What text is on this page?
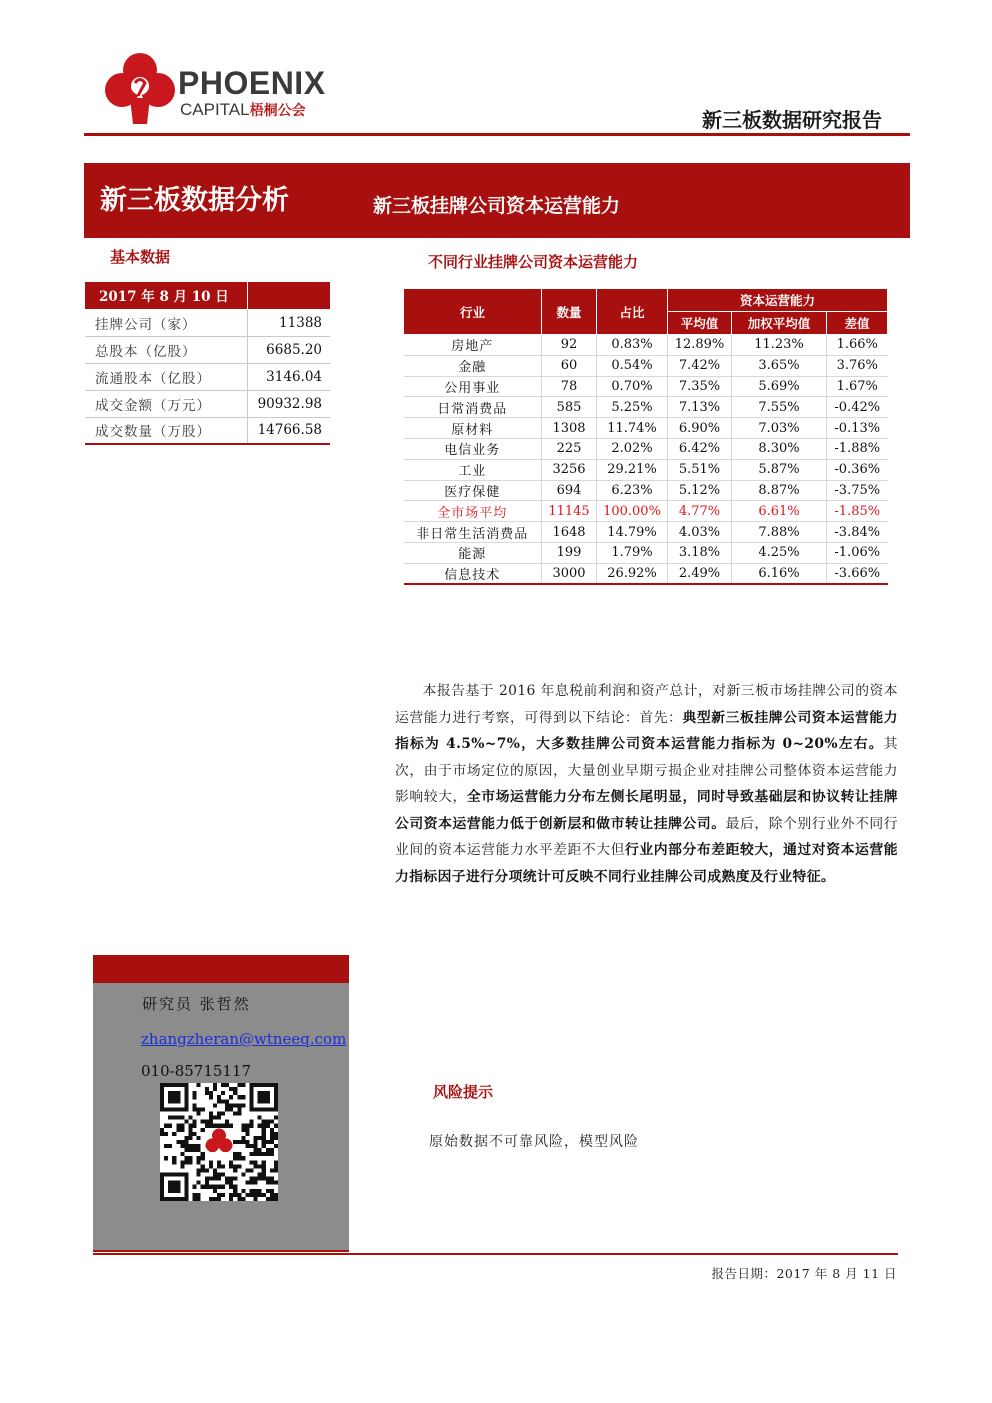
PHOENIX
CAPITAL梧桐公会	新三板数据研究报告
新三板数据分析	新三板挂牌公司资本运营能力
基本数据
2017 年 8 月 10 日	
挂牌公司（家）	11388
总股本（亿股）	6685.20
流通股本（亿股）	3146.04
成交金额（万元）	90932.98
成交数量（万股）	14766.58
不同行业挂牌公司资本运营能力
行业	数量	占比	资本运营能力		
			平均值	加权平均值	差值
房地产	92	0.83%	12.89%	11.23%	1.66%
金融	60	0.54%	7.42%	3.65%	3.76%
公用事业	78	0.70%	7.35%	5.69%	1.67%
日常消费品	585	5.25%	7.13%	7.55%	-0.42%
原材料	1308	11.74%	6.90%	7.03%	-0.13%
电信业务	225	2.02%	6.42%	8.30%	-1.88%
工业	3256	29.21%	5.51%	5.87%	-0.36%
医疗保健	694	6.23%	5.12%	8.87%	-3.75%
全市场平均	11145	100.00%	4.77%	6.61%	-1.85%
非日常生活消费品	1648	14.79%	4.03%	7.88%	-3.84%
能源	199	1.79%	3.18%	4.25%	-1.06%
信息技术	3000	26.92%	2.49%	6.16%	-3.66%
本报告基于 2016 年息税前利润和资产总计，对新三板市场挂牌公司的资本运营能力进行考察，可得到以下结论：首先：典型新三板挂牌公司资本运营能力指标为 4.5%~7%，大多数挂牌公司资本运营能力指标为 0~20%左右。其次，由于市场定位的原因，大量创业早期亏损企业对挂牌公司整体资本运营能力影响较大，全市场运营能力分布左侧长尾明显，同时导致基础层和协议转让挂牌公司资本运营能力低于创新层和做市转让挂牌公司。最后，除个别行业外不同行业间的资本运营能力水平差距不大但行业内部分布差距较大，通过对资本运营能力指标因子进行分项统计可反映不同行业挂牌公司成熟度及行业特征。
研究员 张哲然
zhangzheran@wtneeq.com
010-85715117
风险提示
原始数据不可靠风险，模型风险
报告日期：2017 年 8 月 11 日
